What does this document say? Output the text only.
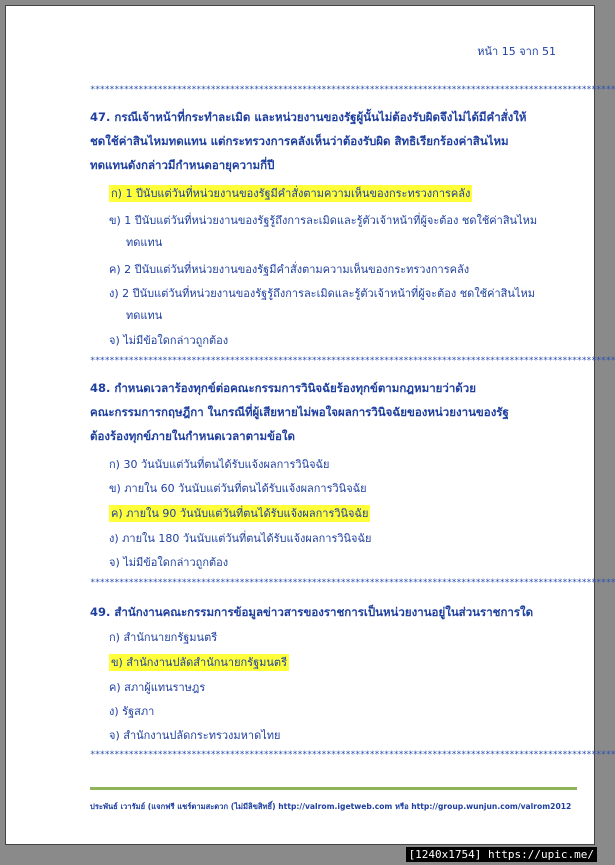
หน้า 15 จาก 51
*************************************************************************************************************
47. กรณีเจ้าหน้าที่กระทำละเมิด และหน่วยงานของรัฐผู้นั้นไม่ต้องรับผิดจึงไม่ได้มีคำสั่งให้
ชดใช้ค่าสินไหมทดแทน แต่กระทรวงการคลังเห็นว่าต้องรับผิด สิทธิเรียกร้องค่าสินไหม
ทดแทนดังกล่าวมีกำหนดอายุความกี่ปี
ก) 1 ปีนับแต่วันที่หน่วยงานของรัฐมีคำสั่งตามความเห็นของกระทรวงการคลัง
ข) 1 ปีนับแต่วันที่หน่วยงานของรัฐรู้ถึงการละเมิดและรู้ตัวเจ้าหน้าที่ผู้จะต้อง ชดใช้ค่าสินไหม
ทดแทน
ค) 2 ปีนับแต่วันที่หน่วยงานของรัฐมีคำสั่งตามความเห็นของกระทรวงการคลัง
ง) 2 ปีนับแต่วันที่หน่วยงานของรัฐรู้ถึงการละเมิดและรู้ตัวเจ้าหน้าที่ผู้จะต้อง ชดใช้ค่าสินไหม
ทดแทน
จ) ไม่มีข้อใดกล่าวถูกต้อง
*************************************************************************************************************
48. กำหนดเวลาร้องทุกข์ต่อคณะกรรมการวินิจฉัยร้องทุกข์ตามกฎหมายว่าด้วย
คณะกรรมการกฤษฎีกา ในกรณีที่ผู้เสียหายไม่พอใจผลการวินิจฉัยของหน่วยงานของรัฐ
ต้องร้องทุกข์ภายในกำหนดเวลาตามข้อใด
ก) 30 วันนับแต่วันที่ตนได้รับแจ้งผลการวินิจฉัย
ข) ภายใน 60 วันนับแต่วันที่ตนได้รับแจ้งผลการวินิจฉัย
ค) ภายใน 90 วันนับแต่วันที่ตนได้รับแจ้งผลการวินิจฉัย
ง) ภายใน 180 วันนับแต่วันที่ตนได้รับแจ้งผลการวินิจฉัย
จ) ไม่มีข้อใดกล่าวถูกต้อง
*************************************************************************************************************
49. สำนักงานคณะกรรมการข้อมูลข่าวสารของราชการเป็นหน่วยงานอยู่ในส่วนราชการใด
ก) สำนักนายกรัฐมนตรี
ข) สำนักงานปลัดสำนักนายกรัฐมนตรี
ค) สภาผู้แทนราษฎร
ง) รัฐสภา
จ) สำนักงานปลัดกระทรวงมหาดไทย
*************************************************************************************************************
ประพันธ์ เวารัมย์ (แจกฟรี แชร์ตามสะดวก (ไม่มีลิขสิทธิ์) http://valrom.igetweb.com หรือ http://group.wunjun.com/valrom2012
[1240x1754] https://upic.me/
